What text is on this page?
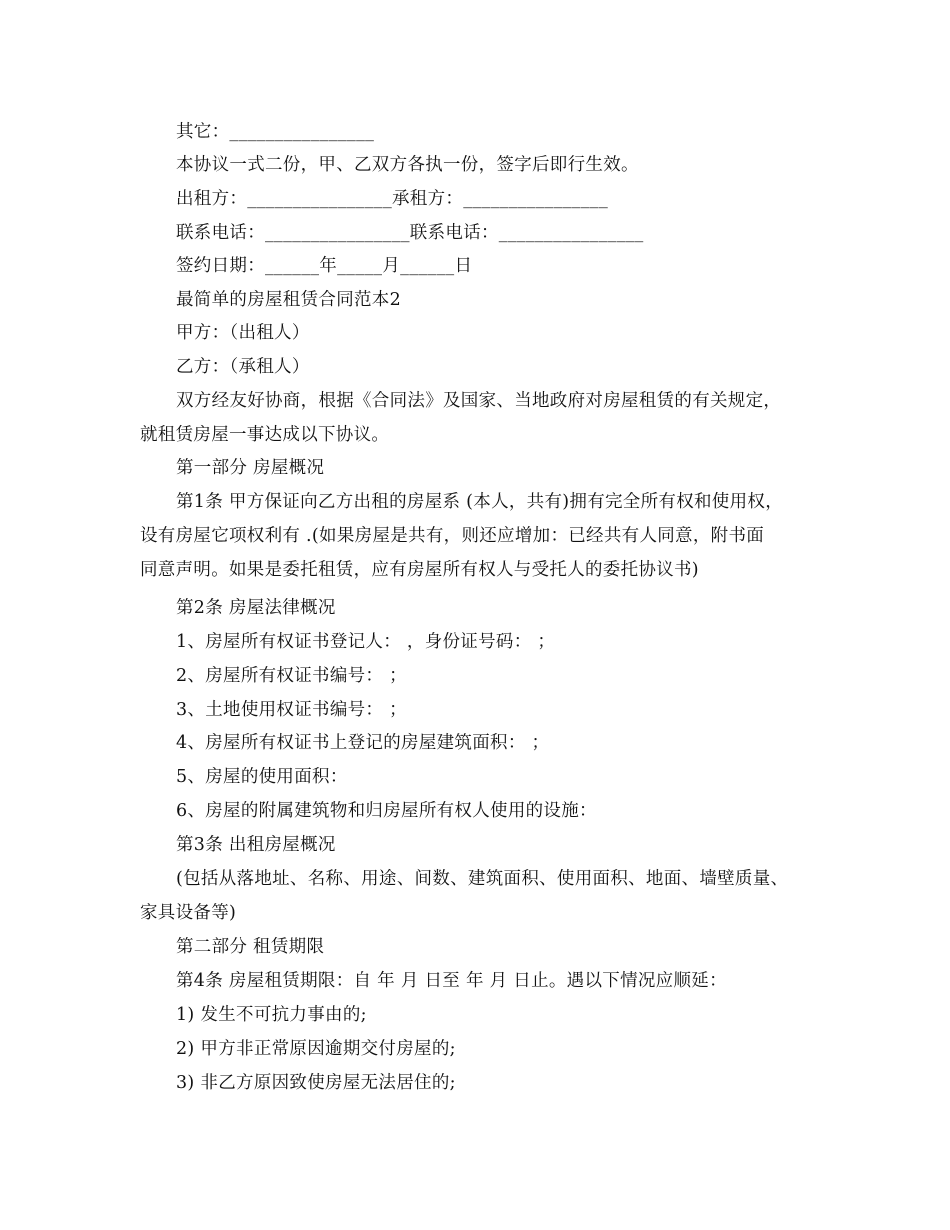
其它：________________
本协议一式二份，甲、乙双方各执一份，签字后即行生效。
出租方：________________承租方：________________
联系电话：________________联系电话：________________
签约日期：______年_____月______日
最简单的房屋租赁合同范本2
甲方：（出租人）
乙方：（承租人）
双方经友好协商，根据《合同法》及国家、当地政府对房屋租赁的有关规定，
就租赁房屋一事达成以下协议。
第一部分 房屋概况
第1条 甲方保证向乙方出租的房屋系 (本人，共有)拥有完全所有权和使用权，
设有房屋它项权利有 .(如果房屋是共有，则还应增加：已经共有人同意，附书面
同意声明。如果是委托租赁，应有房屋所有权人与受托人的委托协议书)
第2条 房屋法律概况
1、房屋所有权证书登记人： ，身份证号码： ；
2、房屋所有权证书编号： ；
3、土地使用权证书编号： ；
4、房屋所有权证书上登记的房屋建筑面积： ；
5、房屋的使用面积：
6、房屋的附属建筑物和归房屋所有权人使用的设施：
第3条 出租房屋概况
(包括从落地址、名称、用途、间数、建筑面积、使用面积、地面、墙壁质量、
家具设备等)
第二部分 租赁期限
第4条 房屋租赁期限：自 年 月 日至 年 月 日止。遇以下情况应顺延：
1) 发生不可抗力事由的;
2) 甲方非正常原因逾期交付房屋的;
3) 非乙方原因致使房屋无法居住的;
